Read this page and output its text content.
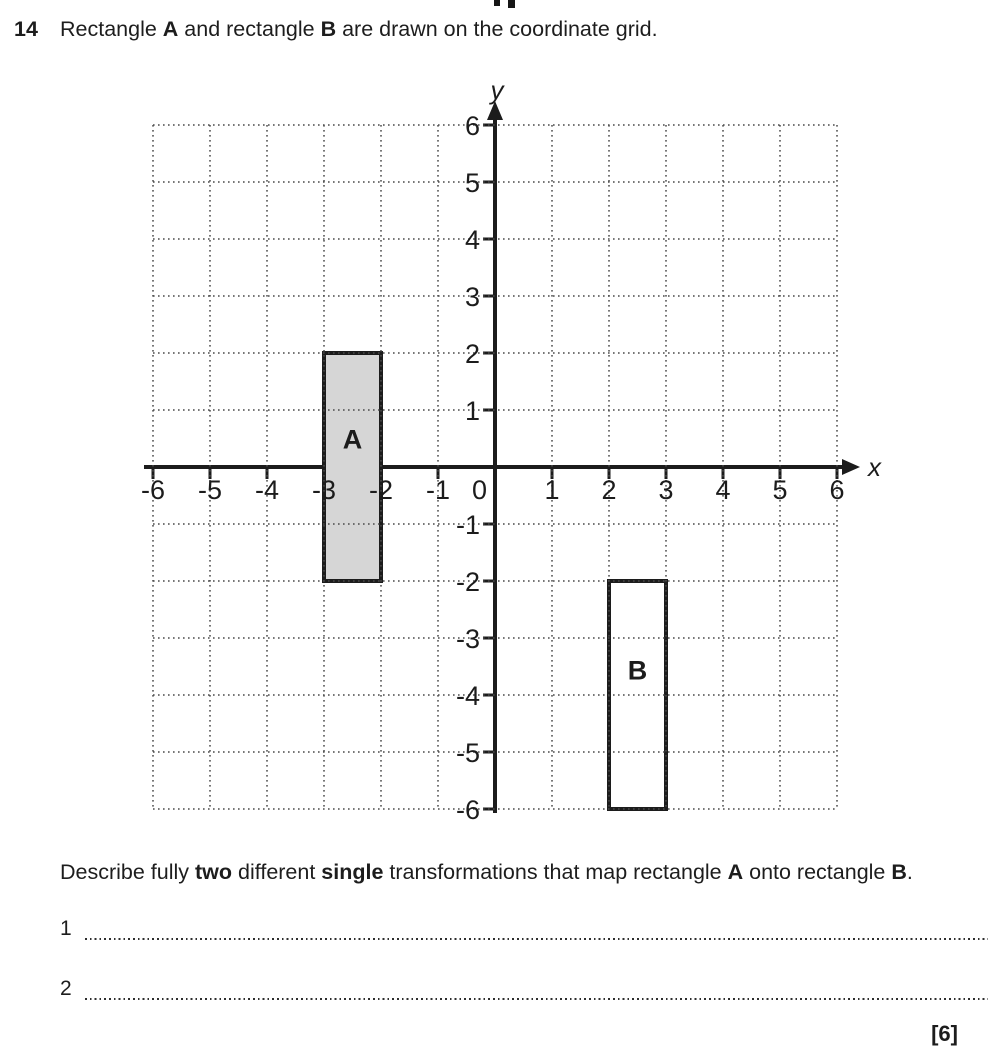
14	Rectangle A and rectangle B are drawn on the coordinate grid.
-6 -5 -4 -3 -2 -1	1 2 3 4 5 6
-6
-5
-4
-3
-2
-1
1
2
3
4
5
6
0
A
B
x
y
Describe fully two different single transformations that map rectangle A onto rectangle B.
1
2
[6]
